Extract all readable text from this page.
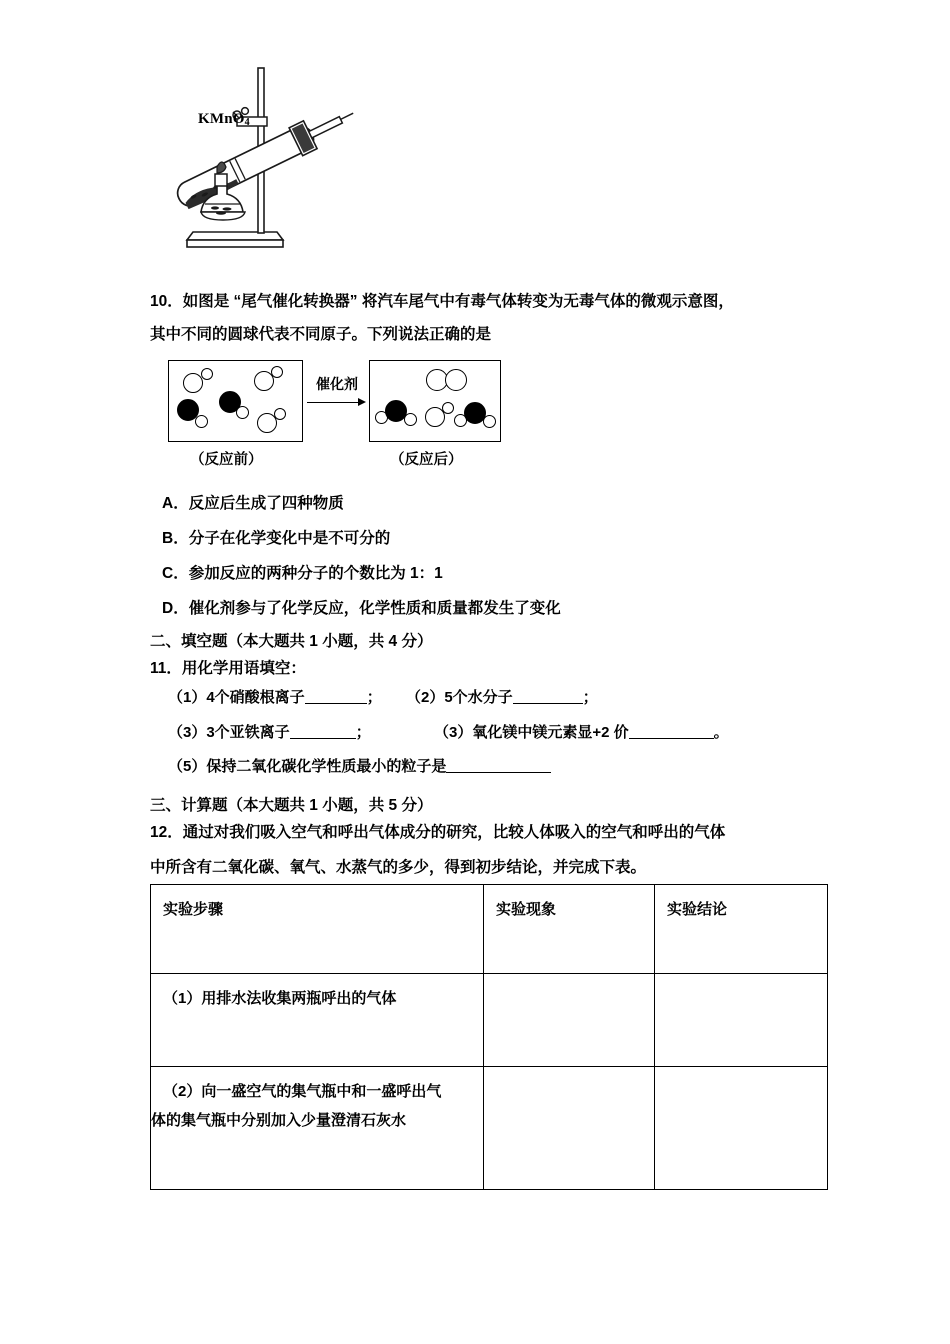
KMnO$_4$
10．如图是 “尾气催化转换器” 将汽车尾气中有毒气体转变为无毒气体的微观示意图，
其中不同的圆球代表不同原子。下列说法正确的是
催化剂
（反应前）	（反应后）
A．反应后生成了四种物质
B．分子在化学变化中是不可分的
C．参加反应的两种分子的个数比为 1：1
D．催化剂参与了化学反应，化学性质和质量都发生了变化
二、填空题（本大题共 1 小题，共 4 分）
11．用化学用语填空：
（1）4个硝酸根离子	； （2）5个水分子	；
（3）3个亚铁离子	；	（3）氧化镁中镁元素显+2 价	。
（5）保持二氧化碳化学性质最小的粒子是
三、计算题（本大题共 1 小题，共 5 分）
12．通过对我们吸入空气和呼出气体成分的研究，比较人体吸入的空气和呼出的气体
中所含有二氧化碳、氧气、水蒸气的多少，得到初步结论，并完成下表。
实验步骤	实验现象	实验结论

（1）用排水法收集两瓶呼出的气体		

（2）向一盛空气的集气瓶中和一盛呼出气
体的集气瓶中分别加入少量澄清石灰水		
